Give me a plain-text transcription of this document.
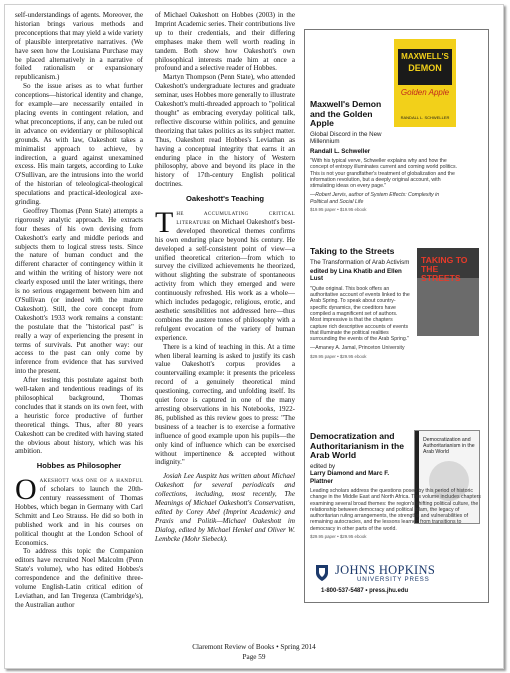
self-understandings of agents. Moreover, the historian brings various methods and preconceptions that may yield a wide variety of plausible interpretative narratives. (We have seen how the Louisiana Purchase may be placed alternatively in a narrative of foiled rationalism or expansionary republicanism.)

So the issue arises as to what further conceptions—historical identity and change, for example—are necessarily entailed in placing events in contingent relation, and what preconceptions, if any, can be ruled out in advance on evidentiary or philosophical grounds. As with law, Oakeshott takes a minimalist approach to achieve, by indirection, a guard against unexamined excess. His main targets, according to Luke O'Sullivan, are the intrusions into the world of the historian of teleological-theological speculations and practical-ideological axe-grinding.

Geoffrey Thomas (Penn State) attempts a rigorously analytic approach. He extracts four theses of his own devising from Oakeshott's early and middle periods and subjects them to logical stress tests. Since the nature of human conduct and the different character of contingency within it and within the writing of history were not clearly exposed until the later writings, there is no serious engagement between him and O'Sullivan (or indeed with the mature Oakeshott). Still, the core concept from Oakeshott's 1933 work remains a constant: the postulate that the "historical past" is really a way of experiencing the present in terms of survivals. Put another way: our access to the past can only come by inference from evidence that has survived into the present.

After testing this postulate against both well-taken and tendentious readings of its philosophical background, Thomas concludes that it stands on its own feet, with a heuristic force productive of further theoretical things. Thus, after 80 years Oakeshott can be credited with having stated the obvious about history, which was his ambition.

Hobbes as Philosopher

Oakeshott was one of a handful of scholars to launch the 20th-century reassessment of Thomas Hobbes, which began in Germany with Carl Schmitt and Leo Strauss. He did so both in published work and in his courses on political thought at the London School of Economics.

To address this topic the Companion editors have recruited Noel Malcolm (Penn State's volume), who has edited Hobbes's correspondence and the definitive three-volume English-Latin critical edition of Leviathan, and Ian Tregenza (Cambridge's), the Australian author

of Michael Oakeshott on Hobbes (2003) in the Imprint Academic series. Their contributions live up to their credentials, and their differing emphases make them well worth reading in tandem. Both show how Oakeshott's own philosophical interests made him at once a profound and a selective reader of Hobbes.

Martyn Thompson (Penn State), who attended Oakeshott's undergraduate lectures and graduate seminar, uses Hobbes more generally to illustrate Oakeshott's multi-threaded approach to "political thought" as embracing everyday political talk, reflective discourse within politics, and genuine theorizing that takes politics as its subject matter. Thus, Oakeshott read Hobbes's Leviathan as having a conceptual integrity that earns it an enduring place in the history of Western philosophy, above and beyond its place in the history of 17th-century English political doctrines.

Oakeshott's Teaching

The accumulating critical literature on Michael Oakeshott's best-developed theoretical themes confirms his own enduring place beyond his century. He developed a self-consistent point of view—a unified theoretical criterion—from which to survey the civilized achievements he theorized, without slighting the substrate of spontaneous activity from which they emerged and were continuously refreshed. His work as a whole—which includes pedagogic, religious, erotic, and aesthetic sensibilities not addressed here—thus combines the austere tones of philosophy with a refulgent evocation of the variety of human experience.

There is a kind of teaching in this. At a time when liberal learning is asked to justify its cash value Oakeshott's corpus provides a countervailing example: it presents the priceless record of a genuinely theoretical mind questioning, correcting, and unfolding itself. Its quiet force is captured in one of the many arresting observations in his Notebooks, 1922-86, published as this review goes to press: "The business of a teacher is to exercise a formative influence of good example upon his pupils—the only kind of influence which can be exercised without impertinence & accepted without indignity."

Josiah Lee Auspitz has written about Michael Oakeshott for several periodicals and collections, including, most recently, The Meanings of Michael Oakeshott's Conservatism, edited by Corey Abel (Imprint Academic) and Praxis und Politik—Michael Oakeshott im Dialog, edited by Michael Henkel and Oliver W. Lembcke (Mohr Siebeck).

MAXWELL'S
DEMON
Golden Apple
RANDALL L. SCHWELLER
Maxwell's Demon and the Golden Apple
Global Discord in the New Millennium
Randall L. Schweller
"With his typical verve, Schweller explains why and how the concept of entropy illuminates current and coming world politics. This is not your grandfather's treatment of globalization and the information revolution, but a deeply original account, with stimulating ideas on every page."
—Robert Jervis, author of System Effects: Complexity in Political and Social Life
$19.95 paper • $19.95 ebook
TAKING TO THE STREETS
Taking to the Streets
The Transformation of Arab Activism
edited by Lina Khatib and Ellen Lust
"Quite original. This book offers an authoritative account of events linked to the Arab Spring. To speak about country-specific dynamics, the coeditors have compiled a magnificent set of authors. Most impressive is that the chapters capture rich descriptive accounts of events that illuminate the political realities surrounding the events of the Arab Spring."
—Amaney A. Jamal, Princeton University
$29.95 paper • $29.95 ebook
Democratization and Authoritarianism in the Arab World
Democratization and Authoritarianism in the Arab World
edited by
Larry Diamond and Marc F. Plattner
Leading scholars address the questions posed by this period of historic change in the Middle East and North Africa. This volume includes chapters examining several broad themes: the region's shifting political culture, the relationship between democracy and political Islam, the legacy of authoritarian ruling arrangements, the strengths and vulnerabilities of remaining autocracies, and the lessons learned from transitions to democracy in other parts of the world.
$29.95 paper • $29.95 ebook
JOHNS HOPKINS
UNIVERSITY PRESS
1-800-537-5487 • press.jhu.edu
Claremont Review of Books • Spring 2014
Page 59
